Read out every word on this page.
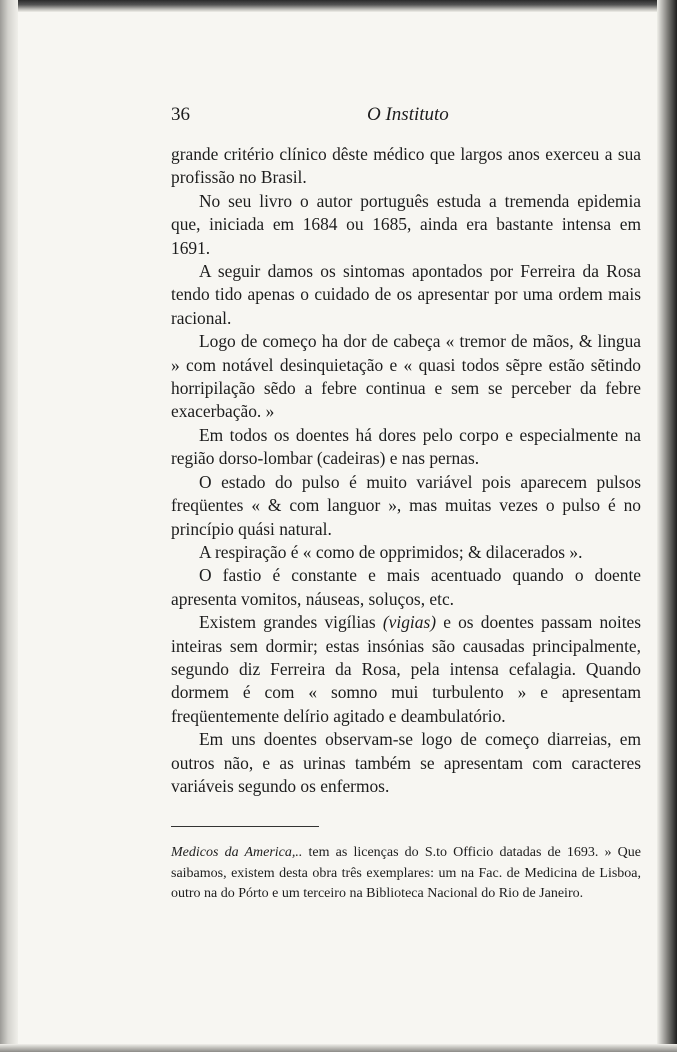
36	O Instituto

grande critério clínico dêste médico que largos anos exerceu a sua profissão no Brasil.

No seu livro o autor português estuda a tremenda epidemia que, iniciada em 1684 ou 1685, ainda era bastante intensa em 1691.

A seguir damos os sintomas apontados por Ferreira da Rosa tendo tido apenas o cuidado de os apresentar por uma ordem mais racional.

Logo de começo ha dor de cabeça « tremor de mãos, & lingua » com notável desinquietação e « quasi todos sẽpre estão sẽtindo horripilação sẽdo a febre continua e sem se perceber da febre exacerbação. »

Em todos os doentes há dores pelo corpo e especialmente na região dorso-lombar (cadeiras) e nas pernas.

O estado do pulso é muito variável pois aparecem pulsos freqüentes « & com languor », mas muitas vezes o pulso é no princípio quási natural.

A respiração é « como de opprimidos; & dilacerados ».

O fastio é constante e mais acentuado quando o doente apresenta vomitos, náuseas, soluços, etc.

Existem grandes vigílias (vigias) e os doentes passam noites inteiras sem dormir; estas insónias são causadas principalmente, segundo diz Ferreira da Rosa, pela intensa cefalagia. Quando dormem é com « somno mui turbulento » e apresentam freqüentemente delírio agitado e deambulatório.

Em uns doentes observam-se logo de começo diarreias, em outros não, e as urinas também se apresentam com caracteres variáveis segundo os enfermos.

Medicos da America,.. tem as licenças do S.to Officio datadas de 1693. » Que saibamos, existem desta obra três exemplares: um na Fac. de Medicina de Lisboa, outro na do Pórto e um terceiro na Biblioteca Nacional do Rio de Janeiro.
